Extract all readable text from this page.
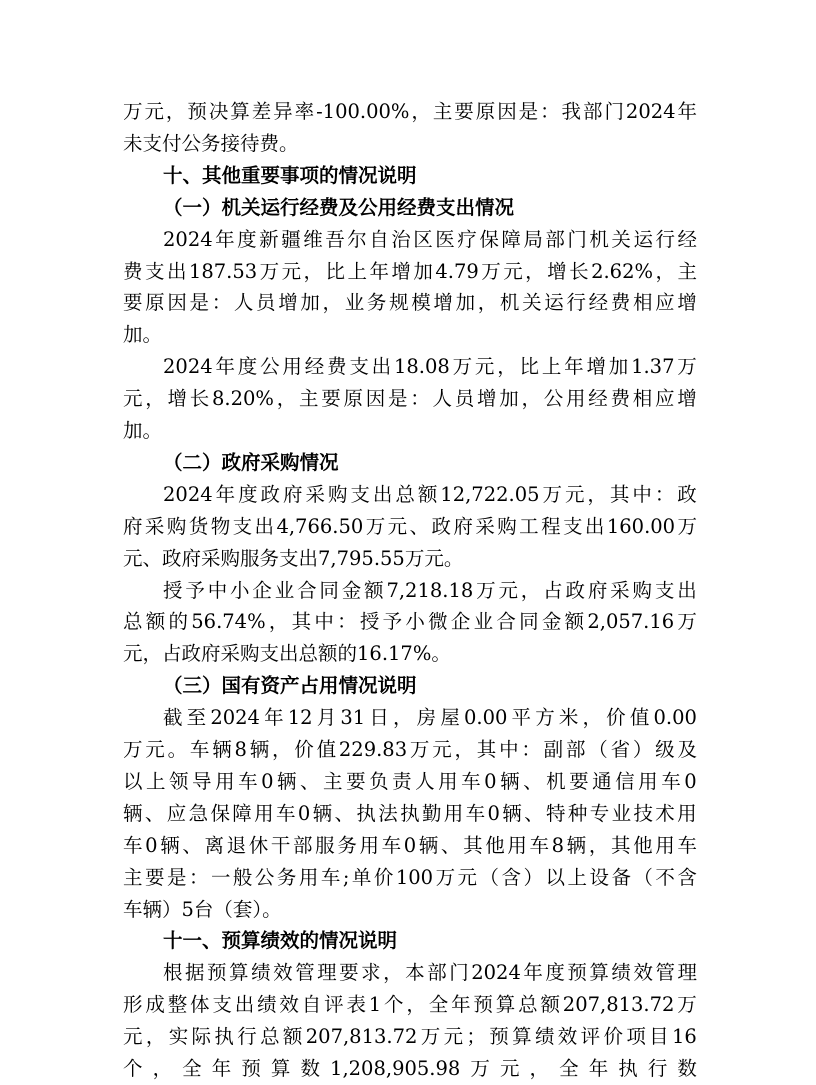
万 元 ， 预 决 算 差 异 率 -100.00% ， 主 要 原 因 是 ： 我 部 门 2024 年
未支付公务接待费。
十、其他重要事项的情况说明
（一）机关运行经费及公用经费支出情况
2024 年 度 新 疆 维 吾 尔 自 治 区 医 疗 保 障 局 部 门 机 关 运 行 经
费 支 出 187.53 万 元 ， 比 上 年 增 加 4.79 万 元 ， 增 长 2.62% ， 主
要 原 因 是 ： 人 员 增 加 ， 业 务 规 模 增 加 ， 机 关 运 行 经 费 相 应 增
加。
2024 年 度 公 用 经 费 支 出 18.08 万 元 ， 比 上 年 增 加 1.37 万
元 ， 增 长 8.20% ， 主 要 原 因 是 ： 人 员 增 加 ， 公 用 经 费 相 应 增
加。
（二）政府采购情况
2024 年 度 政 府 采 购 支 出 总 额 12,722.05 万 元 ， 其 中 ： 政
府 采 购 货 物 支 出 4,766.50 万 元 、 政 府 采 购 工 程 支 出 160.00 万
元、政府采购服务支出7,795.55万元。
授 予 中 小 企 业 合 同 金 额 7,218.18 万 元 ， 占 政 府 采 购 支 出
总 额 的 56.74% ， 其 中 ： 授 予 小 微 企 业 合 同 金 额 2,057.16 万
元，占政府采购支出总额的16.17%。
（三）国有资产占用情况说明
截 至 2024 年 12 月 31 日 ， 房 屋 0.00 平 方 米 ， 价 值 0.00
万 元 。 车 辆 8 辆 ， 价 值 229.83 万 元 ， 其 中 ： 副 部 （ 省 ） 级 及
以 上 领 导 用 车 0 辆 、 主 要 负 责 人 用 车 0 辆 、 机 要 通 信 用 车 0
辆 、 应 急 保 障 用 车 0 辆 、 执 法 执 勤 用 车 0 辆 、 特 种 专 业 技 术 用
车 0 辆 、 离 退 休 干 部 服 务 用 车 0 辆 、 其 他 用 车 8 辆 ， 其 他 用 车
主 要 是 ： 一 般 公 务 用 车 ; 单 价 100 万 元 （ 含 ） 以 上 设 备 （ 不 含
车辆）5台（套）。
十一、预算绩效的情况说明
根 据 预 算 绩 效 管 理 要 求 ， 本 部 门 2024 年 度 预 算 绩 效 管 理
形 成 整 体 支 出 绩 效 自 评 表 1 个 ， 全 年 预 算 总 额 207,813.72 万
元 ， 实 际 执 行 总 额 207,813.72 万 元 ； 预 算 绩 效 评 价 项 目 16
个 ， 全 年 预 算 数 1,208,905.98 万 元 ， 全 年 执 行 数
